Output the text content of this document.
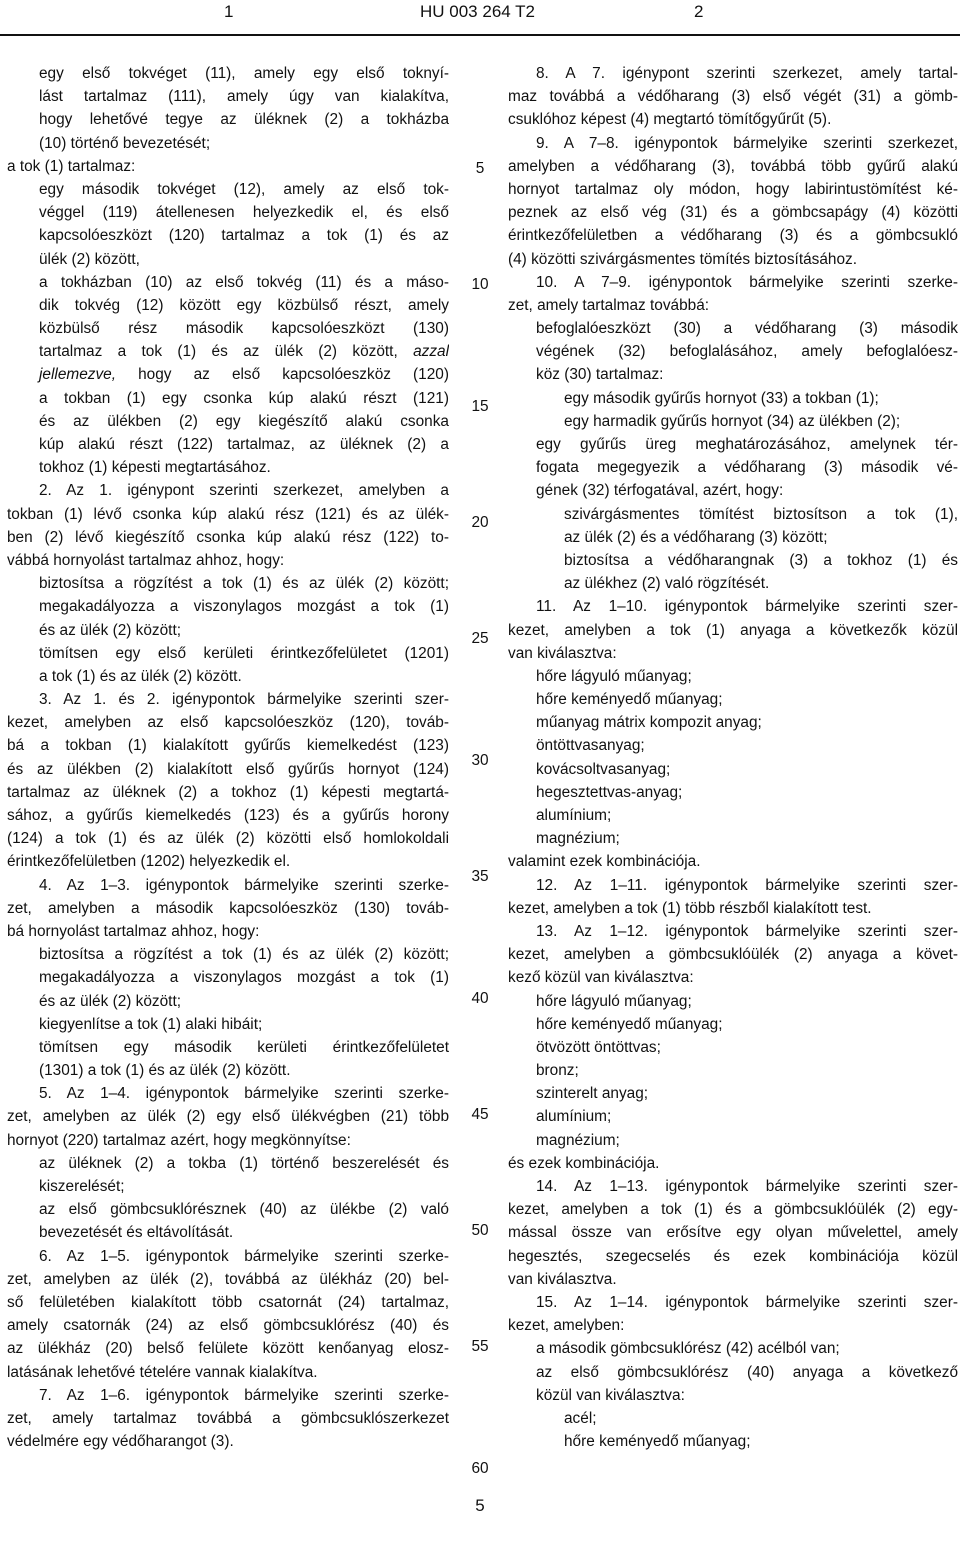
1	HU 003 264 T2	2
egy első tokvéget (11), amely egy első toknyí-
lást tartalmaz (111), amely úgy van kialakítva,
hogy lehetővé tegye az üléknek (2) a tokházba
(10) történő bevezetését;
a tok (1) tartalmaz:
egy második tokvéget (12), amely az első tok-
véggel (119) átellenesen helyezkedik el, és első
kapcsolóeszközt (120) tartalmaz a tok (1) és az
ülék (2) között,
a tokházban (10) az első tokvég (11) és a máso-
dik tokvég (12) között egy közbülső részt, amely
közbülső rész második kapcsolóeszközt (130)
tartalmaz a tok (1) és az ülék (2) között, azzal
jellemezve, hogy az első kapcsolóeszköz (120)
a tokban (1) egy csonka kúp alakú részt (121)
és az ülékben (2) egy kiegészítő alakú csonka
kúp alakú részt (122) tartalmaz, az üléknek (2) a
tokhoz (1) képesti megtartásához.
2. Az 1. igénypont szerinti szerkezet, amelyben a
tokban (1) lévő csonka kúp alakú rész (121) és az ülék-
ben (2) lévő kiegészítő csonka kúp alakú rész (122) to-
vábbá hornyolást tartalmaz ahhoz, hogy:
biztosítsa a rögzítést a tok (1) és az ülék (2) között;
megakadályozza a viszonylagos mozgást a tok (1)
és az ülék (2) között;
tömítsen egy első kerületi érintkezőfelületet (1201)
a tok (1) és az ülék (2) között.
3. Az 1. és 2. igénypontok bármelyike szerinti szer-
kezet, amelyben az első kapcsolóeszköz (120), továb-
bá a tokban (1) kialakított gyűrűs kiemelkedést (123)
és az ülékben (2) kialakított első gyűrűs hornyot (124)
tartalmaz az üléknek (2) a tokhoz (1) képesti megtartá-
sához, a gyűrűs kiemelkedés (123) és a gyűrűs horony
(124) a tok (1) és az ülék (2) közötti első homlokoldali
érintkezőfelületben (1202) helyezkedik el.
4. Az 1–3. igénypontok bármelyike szerinti szerke-
zet, amelyben a második kapcsolóeszköz (130) továb-
bá hornyolást tartalmaz ahhoz, hogy:
biztosítsa a rögzítést a tok (1) és az ülék (2) között;
megakadályozza a viszonylagos mozgást a tok (1)
és az ülék (2) között;
kiegyenlítse a tok (1) alaki hibáit;
tömítsen egy második kerületi érintkezőfelületet
(1301) a tok (1) és az ülék (2) között.
5. Az 1–4. igénypontok bármelyike szerinti szerke-
zet, amelyben az ülék (2) egy első ülékvégben (21) több
hornyot (220) tartalmaz azért, hogy megkönnyítse:
az üléknek (2) a tokba (1) történő beszerelését és
kiszerelését;
az első gömbcsuklórésznek (40) az ülékbe (2) való
bevezetését és eltávolítását.
6. Az 1–5. igénypontok bármelyike szerinti szerke-
zet, amelyben az ülék (2), továbbá az ülékház (20) bel-
ső felületében kialakított több csatornát (24) tartalmaz,
amely csatornák (24) az első gömbcsuklórész (40) és
az ülékház (20) belső felülete között kenőanyag elosz-
latásának lehetővé tételére vannak kialakítva.
7. Az 1–6. igénypontok bármelyike szerinti szerke-
zet, amely tartalmaz továbbá a gömbcsuklószerkezet
védelmére egy védőharangot (3).
5
10
15
20
25
30
35
40
45
50
55
60
8. A 7. igénypont szerinti szerkezet, amely tartal-
maz továbbá a védőharang (3) első végét (31) a gömb-
csuklóhoz képest (4) megtartó tömítőgyűrűt (5).
9. A 7–8. igénypontok bármelyike szerinti szerkezet,
amelyben a védőharang (3), továbbá több gyűrű alakú
hornyot tartalmaz oly módon, hogy labirintustömítést ké-
peznek az első vég (31) és a gömbcsapágy (4) közötti
érintkezőfelületben a védőharang (3) és a gömbcsukló
(4) közötti szivárgásmentes tömítés biztosításához.
10. A 7–9. igénypontok bármelyike szerinti szerke-
zet, amely tartalmaz továbbá:
befoglalóeszközt (30) a védőharang (3) második
végének (32) befoglalásához, amely befoglalóesz-
köz (30) tartalmaz:
egy második gyűrűs hornyot (33) a tokban (1);
egy harmadik gyűrűs hornyot (34) az ülékben (2);
egy gyűrűs üreg meghatározásához, amelynek tér-
fogata megegyezik a védőharang (3) második vé-
gének (32) térfogatával, azért, hogy:
szivárgásmentes tömítést biztosítson a tok (1),
az ülék (2) és a védőharang (3) között;
biztosítsa a védőharangnak (3) a tokhoz (1) és
az ülékhez (2) való rögzítését.
11. Az 1–10. igénypontok bármelyike szerinti szer-
kezet, amelyben a tok (1) anyaga a következők közül
van kiválasztva:
hőre lágyuló műanyag;
hőre keményedő műanyag;
műanyag mátrix kompozit anyag;
öntöttvasanyag;
kovácsoltvasanyag;
hegesztettvas-anyag;
alumínium;
magnézium;
valamint ezek kombinációja.
12. Az 1–11. igénypontok bármelyike szerinti szer-
kezet, amelyben a tok (1) több részből kialakított test.
13. Az 1–12. igénypontok bármelyike szerinti szer-
kezet, amelyben a gömbcsuklóülék (2) anyaga a követ-
kező közül van kiválasztva:
hőre lágyuló műanyag;
hőre keményedő műanyag;
ötvözött öntöttvas;
bronz;
szinterelt anyag;
alumínium;
magnézium;
és ezek kombinációja.
14. Az 1–13. igénypontok bármelyike szerinti szer-
kezet, amelyben a tok (1) és a gömbcsuklóülék (2) egy-
mással össze van erősítve egy olyan művelettel, amely
hegesztés, szegecselés és ezek kombinációja közül
van kiválasztva.
15. Az 1–14. igénypontok bármelyike szerinti szer-
kezet, amelyben:
a második gömbcsuklórész (42) acélból van;
az első gömbcsuklórész (40) anyaga a következő
közül van kiválasztva:
acél;
hőre keményedő műanyag;
5
